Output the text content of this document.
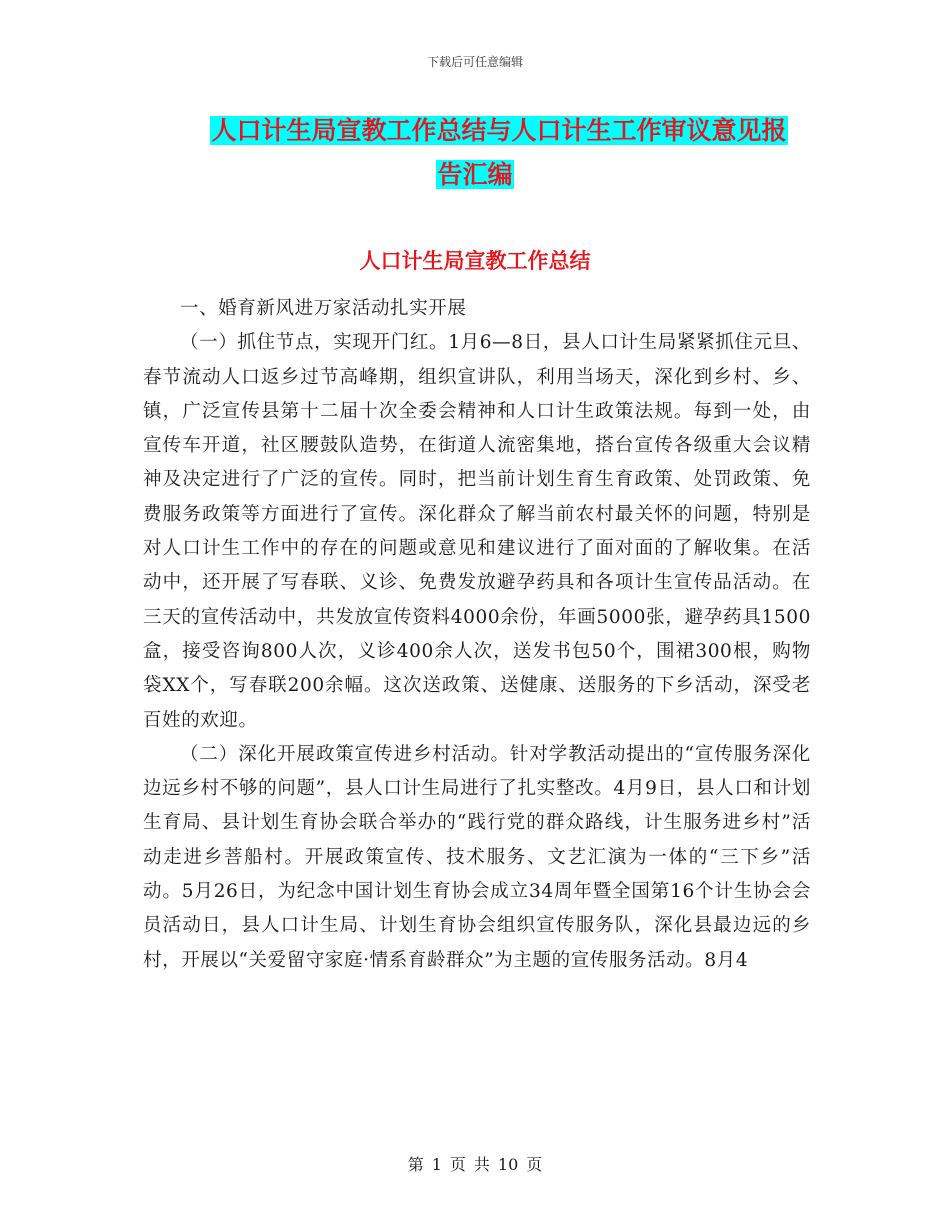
下载后可任意编辑
人口计生局宣教工作总结与人口计生工作审议意见报
告汇编
人口计生局宣教工作总结

一、婚育新风进万家活动扎实开展

（一）抓住节点，实现开门红。1月6—8日，县人口计生局紧紧抓住元旦、春节流动人口返乡过节高峰期，组织宣讲队，利用当场天，深化到乡村、乡、镇，广泛宣传县第十二届十次全委会精神和人口计生政策法规。每到一处，由宣传车开道，社区腰鼓队造势，在街道人流密集地，搭台宣传各级重大会议精神及决定进行了广泛的宣传。同时，把当前计划生育生育政策、处罚政策、免费服务政策等方面进行了宣传。深化群众了解当前农村最关怀的问题，特别是对人口计生工作中的存在的问题或意见和建议进行了面对面的了解收集。在活动中，还开展了写春联、义诊、免费发放避孕药具和各项计生宣传品活动。在三天的宣传活动中，共发放宣传资料4000余份，年画5000张，避孕药具1500盒，接受咨询800人次，义诊400余人次，送发书包50个，围裙300根，购物袋XX个，写春联200余幅。这次送政策、送健康、送服务的下乡活动，深受老百姓的欢迎。

（二）深化开展政策宣传进乡村活动。针对学教活动提出的“宣传服务深化边远乡村不够的问题”，县人口计生局进行了扎实整改。4月9日，县人口和计划生育局、县计划生育协会联合举办的“践行党的群众路线，计生服务进乡村”活动走进乡菩船村。开展政策宣传、技术服务、文艺汇演为一体的“三下乡”活动。5月26日，为纪念中国计划生育协会成立34周年暨全国第16个计生协会会员活动日，县人口计生局、计划生育协会组织宣传服务队，深化县最边远的乡村，开展以“关爱留守家庭·情系育龄群众”为主题的宣传服务活动。8月4

第 1 页 共 10 页
